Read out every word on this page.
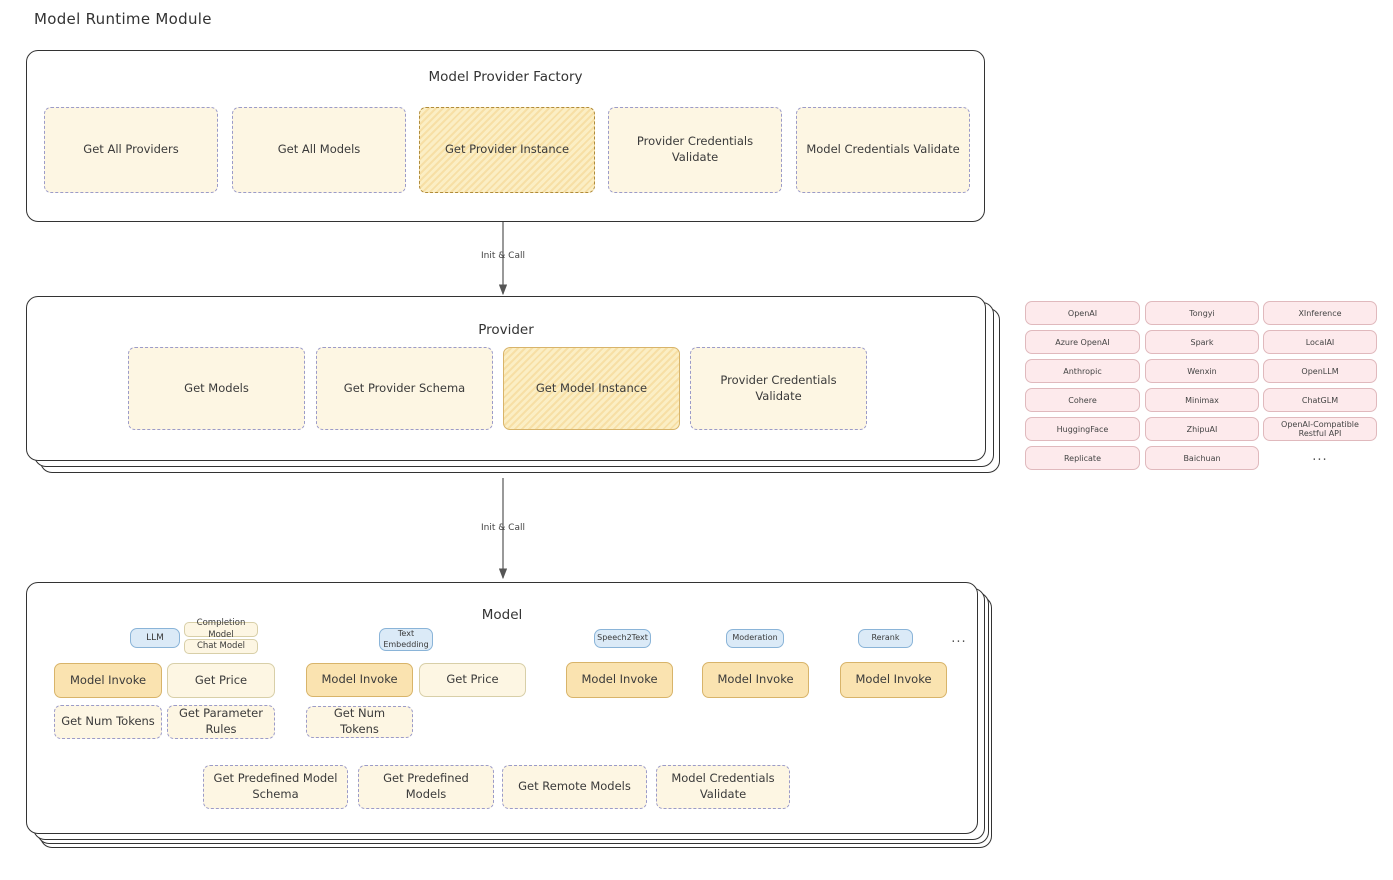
Model Runtime Module
Init & Call
Init & Call
Model Provider Factory
Get All Providers	Get All Models	Get Provider Instance
Provider Credentials Validate
Model Credentials Validate
Provider
Get Models	Get Provider Schema	Get Model Instance
Provider Credentials Validate
OpenAI
Azure OpenAI
Anthropic
Cohere
HuggingFace
Replicate
Tongyi
Spark
Wenxin
Minimax
ZhipuAI
Baichuan
XInference
LocalAI
OpenLLM
ChatGLM
OpenAI-Compatible Restful API
...
Model
LLM
Completion Model
Chat Model
Text Embedding
Speech2Text	Moderation	Rerank	...
Model Invoke	Get Price
Get Num Tokens
Get Parameter Rules
Model Invoke	Get Price
Get Num Tokens
Model Invoke	Model Invoke	Model Invoke
Get Predefined Model Schema
Get Predefined Models
Get Remote Models
Model Credentials Validate
